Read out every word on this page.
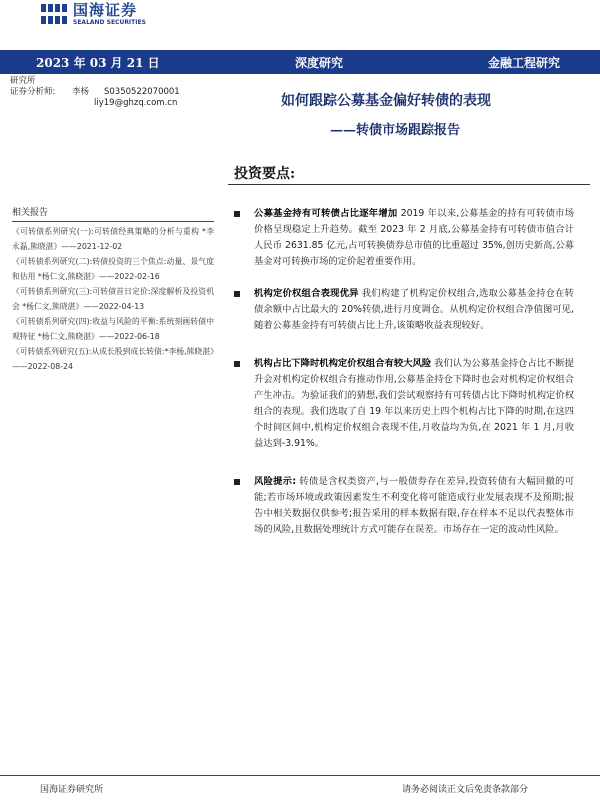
国海证券
SEALAND SECURITIES
2023 年 03 月 21 日	深度研究	金融工程研究
研究所
证券分析师:	李杨	S0350522070001
liy19@ghzq.com.cn	如何跟踪公募基金偏好转债的表现
——转债市场跟踪报告
投资要点:
相关报告
《可转债系列研究(一):可转债经典策略的分析与重构 *李永磊,熊晓湛》——2021-12-02
《可转债系列研究(二):转债投资的三个焦点:动量、景气度和估用 *杨仁文,熊晓湛》——2022-02-16
《可转债系列研究(三):可转债首日定价:深度解析及投资机会 *杨仁文,熊晓湛》——2022-04-13
《可转债系列研究(四):收益与风险的平衡:系统刻画转债中观特征 *杨仁文,熊晓湛》——2022-06-18
《可转债系列研究(五):从成长股到成长转债:*李杨,熊晓湛》——2022-08-24
公募基金持有可转债占比逐年增加 2019 年以来,公募基金的持有可转债市场价格呈现稳定上升趋势。截至 2023 年 2 月底,公募基金持有可转债市值合计人民币 2631.85 亿元,占可转换债券总市值的比重超过 35%,创历史新高,公募基金对可转换市场的定价起着重要作用。
机构定价权组合表现优异 我们构建了机构定价权组合,选取公募基金持仓在转债余额中占比最大的 20%转债,进行月度调仓。从机构定价权组合净值图可见,随着公募基金持有可转债占比上升,该策略收益表现较好。
机构占比下降时机构定价权组合有较大风险 我们认为公募基金持仓占比不断提升会对机构定价权组合有推动作用,公募基金持仓下降时也会对机构定价权组合产生冲击。为验证我们的猜想,我们尝试观察持有可转债占比下降时机构定价权组合的表现。我们选取了自 19 年以来历史上四个机构占比下降的时期,在这四个时间区间中,机构定价权组合表现不佳,月收益均为负,在 2021 年 1 月,月收益达到-3.91%。
风险提示: 转债是含权类资产,与一般债券存在差异,投资转债有大幅回撤的可能;若市场环境或政策因素发生不利变化将可能造成行业发展表现不及预期;报告中相关数据仅供参考;报告采用的样本数据有限,存在样本不足以代表整体市场的风险,且数据处理统计方式可能存在误差。市场存在一定的波动性风险。
国海证券研究所	请务必阅读正文后免责条款部分
